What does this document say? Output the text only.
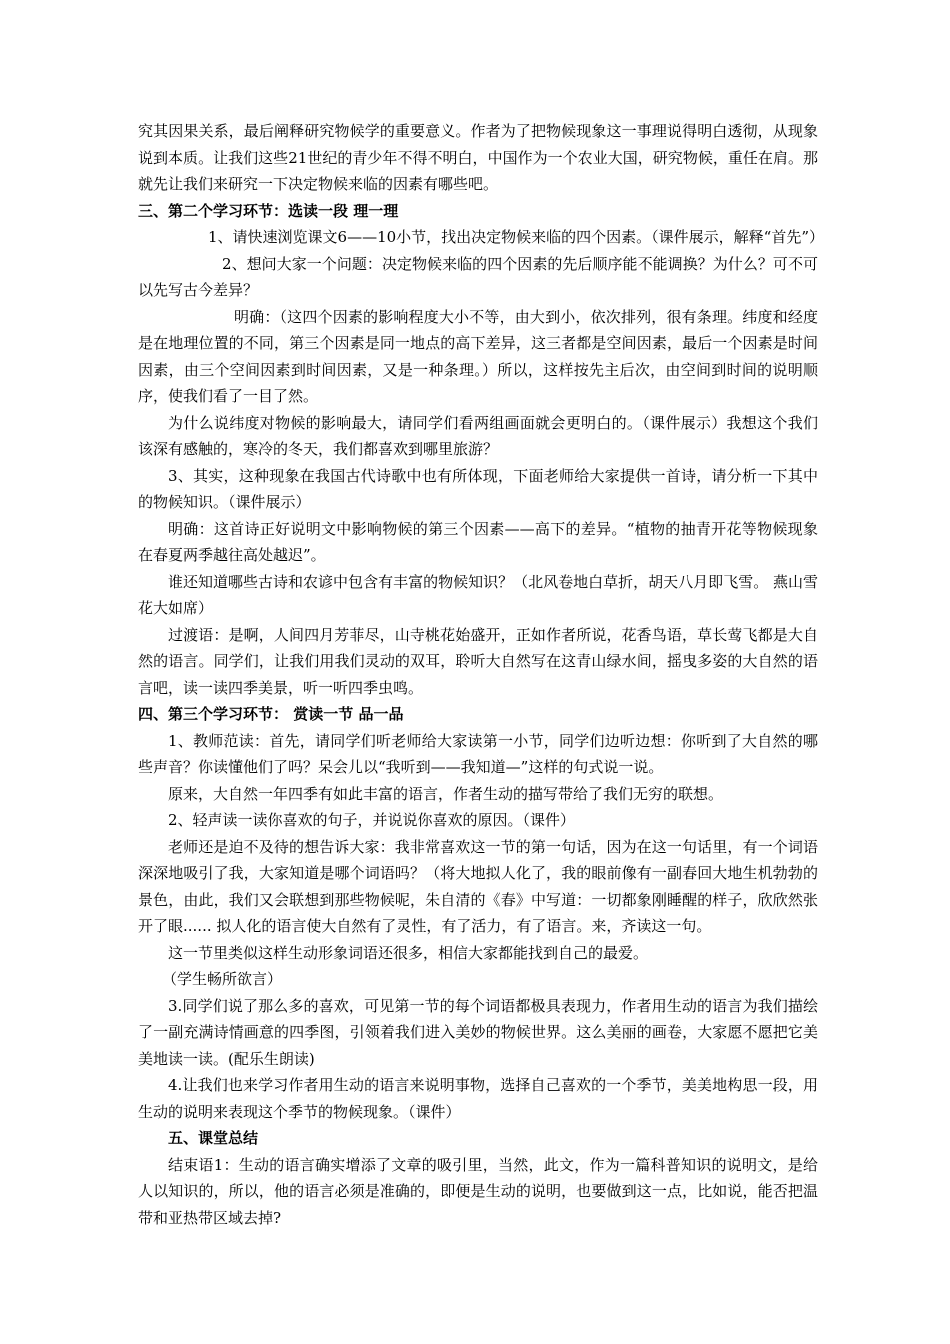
究其因果关系，最后阐释研究物候学的重要意义。作者为了把物候现象这一事理说得明白透彻，从现象说到本质。让我们这些21世纪的青少年不得不明白，中国作为一个农业大国，研究物候，重任在肩。那就先让我们来研究一下决定物候来临的因素有哪些吧。

三、第二个学习环节：选读一段 理一理

1、请快速浏览课文6——10小节，找出决定物候来临的四个因素。（课件展示，解释“首先”）

2、想问大家一个问题：决定物候来临的四个因素的先后顺序能不能调换？为什么？可不可以先写古今差异？

明确：（这四个因素的影响程度大小不等，由大到小，依次排列，很有条理。纬度和经度是在地理位置的不同，第三个因素是同一地点的高下差异，这三者都是空间因素，最后一个因素是时间因素，由三个空间因素到时间因素，又是一种条理。）所以，这样按先主后次，由空间到时间的说明顺序，使我们看了一目了然。

为什么说纬度对物候的影响最大，请同学们看两组画面就会更明白的。（课件展示）我想这个我们该深有感触的，寒冷的冬天，我们都喜欢到哪里旅游？

3、其实，这种现象在我国古代诗歌中也有所体现，下面老师给大家提供一首诗，请分析一下其中的物候知识。（课件展示）

明确：这首诗正好说明文中影响物候的第三个因素——高下的差异。“植物的抽青开花等物候现象在春夏两季越往高处越迟”。

谁还知道哪些古诗和农谚中包含有丰富的物候知识？（北风卷地白草折，胡天八月即飞雪。 燕山雪花大如席）

过渡语：是啊，人间四月芳菲尽，山寺桃花始盛开，正如作者所说，花香鸟语，草长莺飞都是大自然的语言。同学们，让我们用我们灵动的双耳，聆听大自然写在这青山绿水间，摇曳多姿的大自然的语言吧，读一读四季美景，听一听四季虫鸣。

四、第三个学习环节： 赏读一节 品一品

1、教师范读：首先，请同学们听老师给大家读第一小节，同学们边听边想：你听到了大自然的哪些声音？你读懂他们了吗？呆会儿以“我听到——我知道—”这样的句式说一说。

原来，大自然一年四季有如此丰富的语言，作者生动的描写带给了我们无穷的联想。

2、轻声读一读你喜欢的句子，并说说你喜欢的原因。（课件）

老师还是迫不及待的想告诉大家：我非常喜欢这一节的第一句话，因为在这一句话里，有一个词语深深地吸引了我，大家知道是哪个词语吗？（将大地拟人化了，我的眼前像有一副春回大地生机勃勃的景色，由此，我们又会联想到那些物候呢，朱自清的《春》中写道：一切都象刚睡醒的样子，欣欣然张开了眼...... 拟人化的语言使大自然有了灵性，有了活力，有了语言。来，齐读这一句。

这一节里类似这样生动形象词语还很多，相信大家都能找到自己的最爱。

（学生畅所欲言）

3.同学们说了那么多的喜欢，可见第一节的每个词语都极具表现力，作者用生动的语言为我们描绘了一副充满诗情画意的四季图，引领着我们进入美妙的物候世界。这么美丽的画卷，大家愿不愿把它美美地读一读。(配乐生朗读)

4.让我们也来学习作者用生动的语言来说明事物，选择自己喜欢的一个季节，美美地构思一段，用生动的说明来表现这个季节的物候现象。（课件）

五、课堂总结

结束语1：生动的语言确实增添了文章的吸引里，当然，此文，作为一篇科普知识的说明文，是给人以知识的，所以，他的语言必须是准确的，即便是生动的说明，也要做到这一点，比如说，能否把温带和亚热带区域去掉?
